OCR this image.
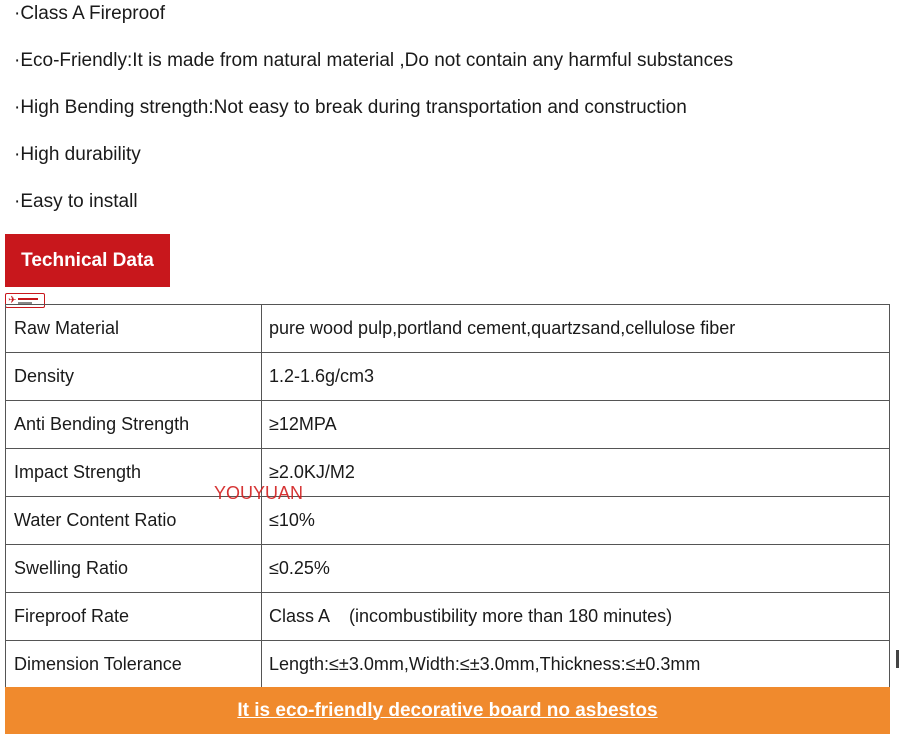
·Class A Fireproof
·Eco-Friendly:It is made from natural material ,Do not contain any harmful substances
·High Bending strength:Not easy to break during transportation and construction
·High durability
·Easy to install
Technical Data
✈
Raw Material	pure wood pulp,portland cement,quartzsand,cellulose fiber
Density	1.2-1.6g/cm3
Anti Bending Strength	≥12MPA
Impact Strength	≥2.0KJ/M2
Water Content Ratio	≤10%
Swelling Ratio	≤0.25%
Fireproof Rate	Class A    (incombustibility more than 180 minutes)
Dimension Tolerance	Length:≤±3.0mm,Width:≤±3.0mm,Thickness:≤±0.3mm
YOUYUAN
It is eco-friendly decorative board no asbestos
